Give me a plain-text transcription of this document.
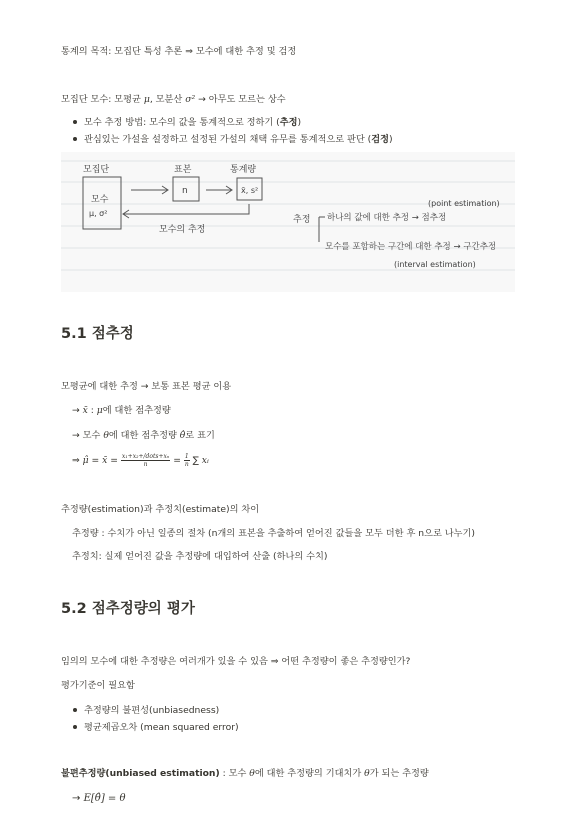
통계의 목적: 모집단 특성 추론 ⇒ 모수에 대한 추정 및 검정
모집단 모수: 모평균 μ, 모분산 σ² → 아무도 모르는 상수
모수 추정 방법: 모수의 값을 통계적으로 정하기 (추정)
관심있는 가설을 설정하고 설정된 가설의 채택 유무를 통계적으로 판단 (검정)
모집단	표본	통계량
모수
μ, σ²
n	x̄, s²
모수의 추정
추정 하나의 값에 대한 추정 → 점추정
(point estimation)
모수를 포함하는 구간에 대한 추정 → 구간추정
(interval estimation)
5.1 점추정
모평균에 대한 추정 → 보통 표본 평균 이용
→ x̄ : μ에 대한 점추정량
→ 모수 θ에 대한 점추정량 θ̂로 표기
⇒ μ̂ = x̄ = $\frac{\text{x₁+x₂+/dots+xₙ}}{n} = \frac{1}{n}$ ∑ xᵢ
추정량(estimation)과 추정치(estimate)의 차이
추정량 : 수치가 아닌 일종의 절차 (n개의 표본을 추출하여 얻어진 값들을 모두 더한 후 n으로 나누기)
추정치: 실제 얻어진 값을 추정량에 대입하여 산출 (하나의 수치)
5.2 점추정량의 평가
임의의 모수에 대한 추정량은 여러개가 있을 수 있음 ⇒ 어떤 추정량이 좋은 추정량인가?
평가기준이 필요함
추정량의 불편성(unbiasedness)
평균제곱오차 (mean squared error)
불편추정량(unbiased estimation) : 모수 θ에 대한 추정량의 기대치가 θ가 되는 추정량
→ E[θ̂] = θ
